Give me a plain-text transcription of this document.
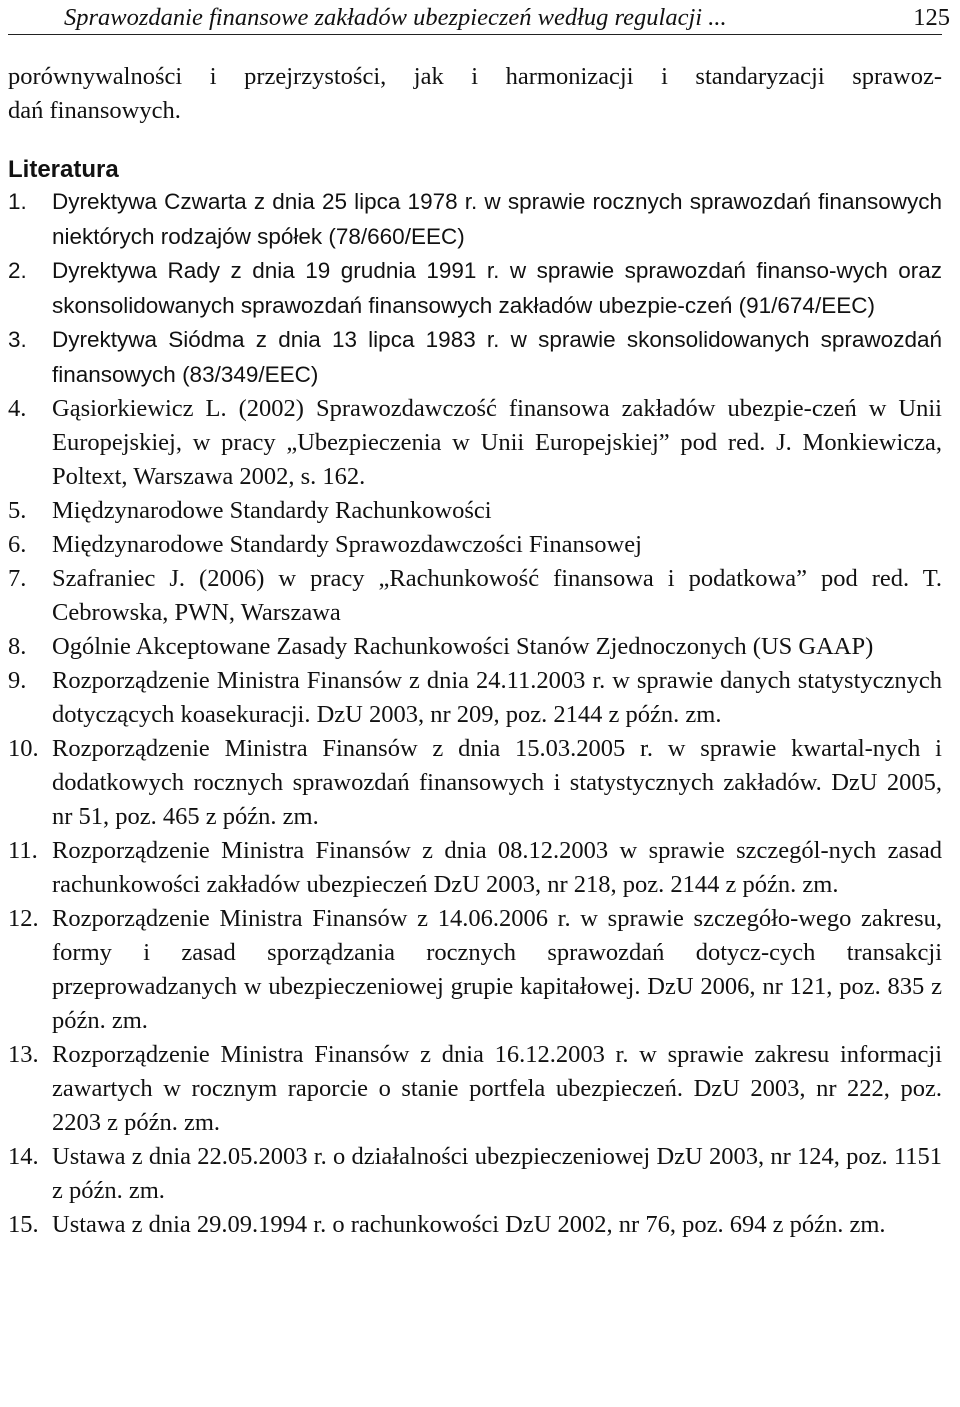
Sprawozdanie finansowe zakładów ubezpieczeń według regulacji ...	125
porównywalności i przejrzystości, jak i harmonizacji i standaryzacji sprawoz-
dań finansowych.
Literatura
1.	Dyrektywa Czwarta z dnia 25 lipca 1978 r. w sprawie rocznych sprawozdań finansowych niektórych rodzajów spółek (78/660/EEC)
2.	Dyrektywa Rady z dnia 19 grudnia 1991 r. w sprawie sprawozdań finanso-wych oraz skonsolidowanych sprawozdań finansowych zakładów ubezpie-czeń (91/674/EEC)
3.	Dyrektywa Siódma z dnia 13 lipca 1983 r. w sprawie skonsolidowanych sprawozdań finansowych (83/349/EEC)
4.	Gąsiorkiewicz L. (2002) Sprawozdawczość finansowa zakładów ubezpie-czeń w Unii Europejskiej, w pracy „Ubezpieczenia w Unii Europejskiej” pod red. J. Monkiewicza, Poltext, Warszawa 2002, s. 162.
5.	Międzynarodowe Standardy Rachunkowości
6.	Międzynarodowe Standardy Sprawozdawczości Finansowej
7.	Szafraniec J. (2006) w pracy „Rachunkowość finansowa i podatkowa” pod red. T. Cebrowska, PWN, Warszawa
8.	Ogólnie Akceptowane Zasady Rachunkowości Stanów Zjednoczonych (US GAAP)
9.	Rozporządzenie Ministra Finansów z dnia 24.11.2003 r. w sprawie danych statystycznych dotyczących koasekuracji. DzU 2003, nr 209, poz. 2144 z późn. zm.
10. Rozporządzenie Ministra Finansów z dnia 15.03.2005 r. w sprawie kwartal-nych i dodatkowych rocznych sprawozdań finansowych i statystycznych zakładów. DzU 2005, nr 51, poz. 465 z późn. zm.
11. Rozporządzenie Ministra Finansów z dnia 08.12.2003 w sprawie szczegól-nych zasad rachunkowości zakładów ubezpieczeń DzU 2003, nr 218, poz. 2144 z późn. zm.
12. Rozporządzenie Ministra Finansów z 14.06.2006 r. w sprawie szczegóło-wego zakresu, formy i zasad sporządzania rocznych sprawozdań dotycz-cych transakcji przeprowadzanych w ubezpieczeniowej grupie kapitałowej. DzU 2006, nr 121, poz. 835 z późn. zm.
13. Rozporządzenie Ministra Finansów z dnia 16.12.2003 r. w sprawie zakresu informacji zawartych w rocznym raporcie o stanie portfela ubezpieczeń. DzU 2003, nr 222, poz. 2203 z późn. zm.
14. Ustawa z dnia 22.05.2003 r. o działalności ubezpieczeniowej DzU 2003, nr 124, poz. 1151 z późn. zm.
15. Ustawa z dnia 29.09.1994 r. o rachunkowości DzU 2002, nr 76, poz. 694 z późn. zm.
